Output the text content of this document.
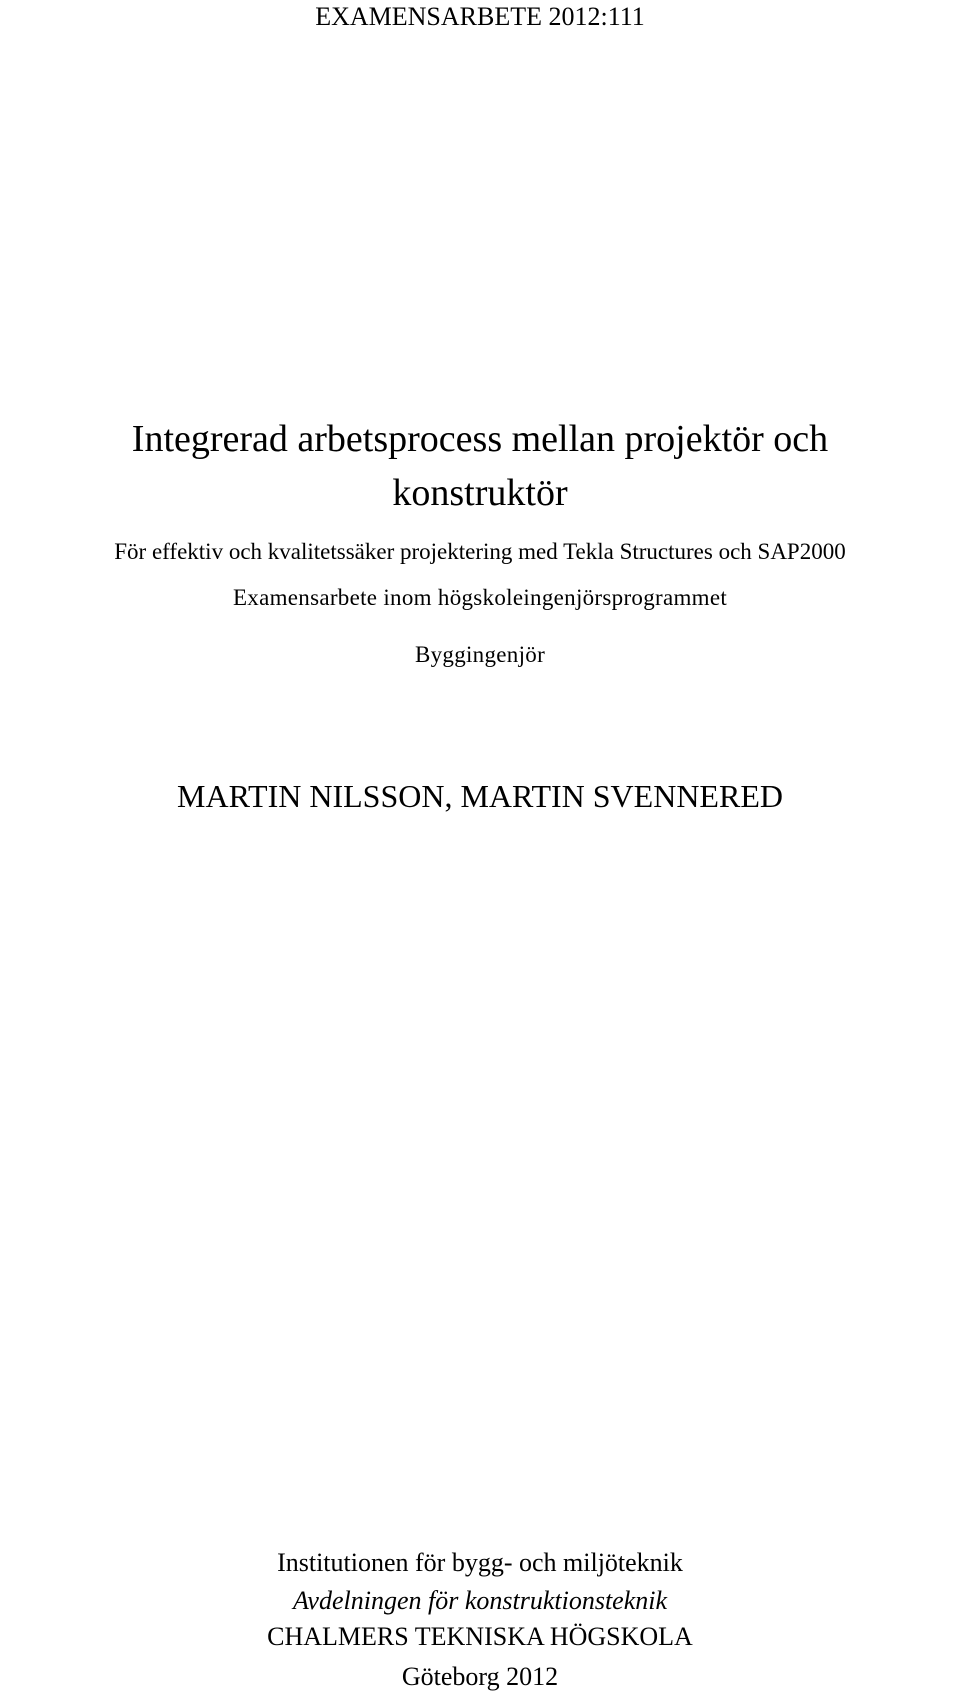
EXAMENSARBETE 2012:111
Integrerad arbetsprocess mellan projektör och
konstruktör
För effektiv och kvalitetssäker projektering med Tekla Structures och SAP2000
Examensarbete inom högskoleingenjörsprogrammet
Byggingenjör
MARTIN NILSSON, MARTIN SVENNERED
Institutionen för bygg- och miljöteknik
Avdelningen för konstruktionsteknik
CHALMERS TEKNISKA HÖGSKOLA
Göteborg 2012
